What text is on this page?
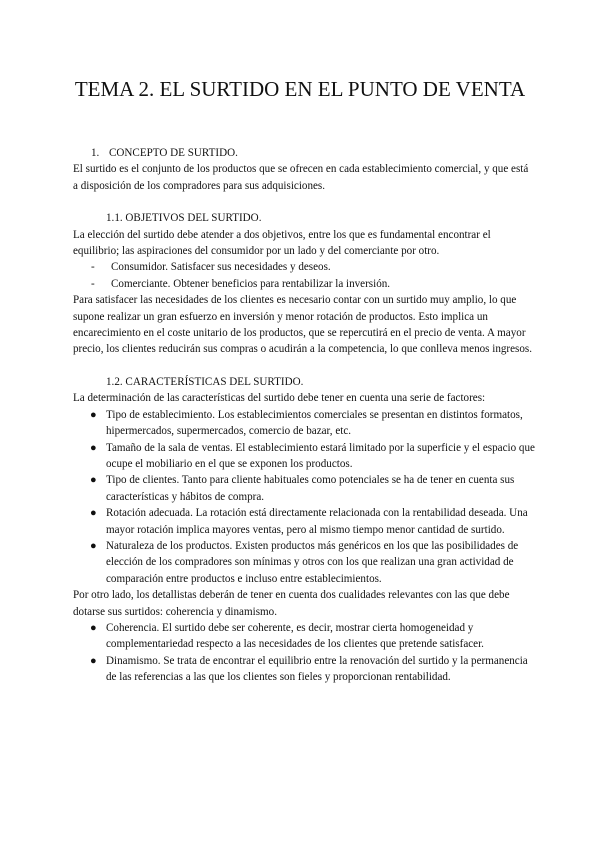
TEMA 2. EL SURTIDO EN EL PUNTO DE VENTA

1. CONCEPTO DE SURTIDO.

El surtido es el conjunto de los productos que se ofrecen en cada establecimiento comercial, y que está a disposición de los compradores para sus adquisiciones.

1.1. OBJETIVOS DEL SURTIDO.

La elección del surtido debe atender a dos objetivos, entre los que es fundamental encontrar el equilibrio; las aspiraciones del consumidor por un lado y del comerciante por otro.

- Consumidor. Satisfacer sus necesidades y deseos.
- Comerciante. Obtener beneficios para rentabilizar la inversión.

Para satisfacer las necesidades de los clientes es necesario contar con un surtido muy amplio, lo que supone realizar un gran esfuerzo en inversión y menor rotación de productos. Esto implica un encarecimiento en el coste unitario de los productos, que se repercutirá en el precio de venta. A mayor precio, los clientes reducirán sus compras o acudirán a la competencia, lo que conlleva menos ingresos.

1.2. CARACTERÍSTICAS DEL SURTIDO.

La determinación de las características del surtido debe tener en cuenta una serie de factores:

● Tipo de establecimiento. Los establecimientos comerciales se presentan en distintos formatos, hipermercados, supermercados, comercio de bazar, etc.
● Tamaño de la sala de ventas. El establecimiento estará limitado por la superficie y el espacio que ocupe el mobiliario en el que se exponen los productos.
● Tipo de clientes. Tanto para cliente habituales como potenciales se ha de tener en cuenta sus características y hábitos de compra.
● Rotación adecuada. La rotación está directamente relacionada con la rentabilidad deseada. Una mayor rotación implica mayores ventas, pero al mismo tiempo menor cantidad de surtido.
● Naturaleza de los productos. Existen productos más genéricos en los que las posibilidades de elección de los compradores son mínimas y otros con los que realizan una gran actividad de comparación entre productos e incluso entre establecimientos.

Por otro lado, los detallistas deberán de tener en cuenta dos cualidades relevantes con las que debe dotarse sus surtidos: coherencia y dinamismo.

● Coherencia. El surtido debe ser coherente, es decir, mostrar cierta homogeneidad y complementariedad respecto a las necesidades de los clientes que pretende satisfacer.
● Dinamismo. Se trata de encontrar el equilibrio entre la renovación del surtido y la permanencia de las referencias a las que los clientes son fieles y proporcionan rentabilidad.
